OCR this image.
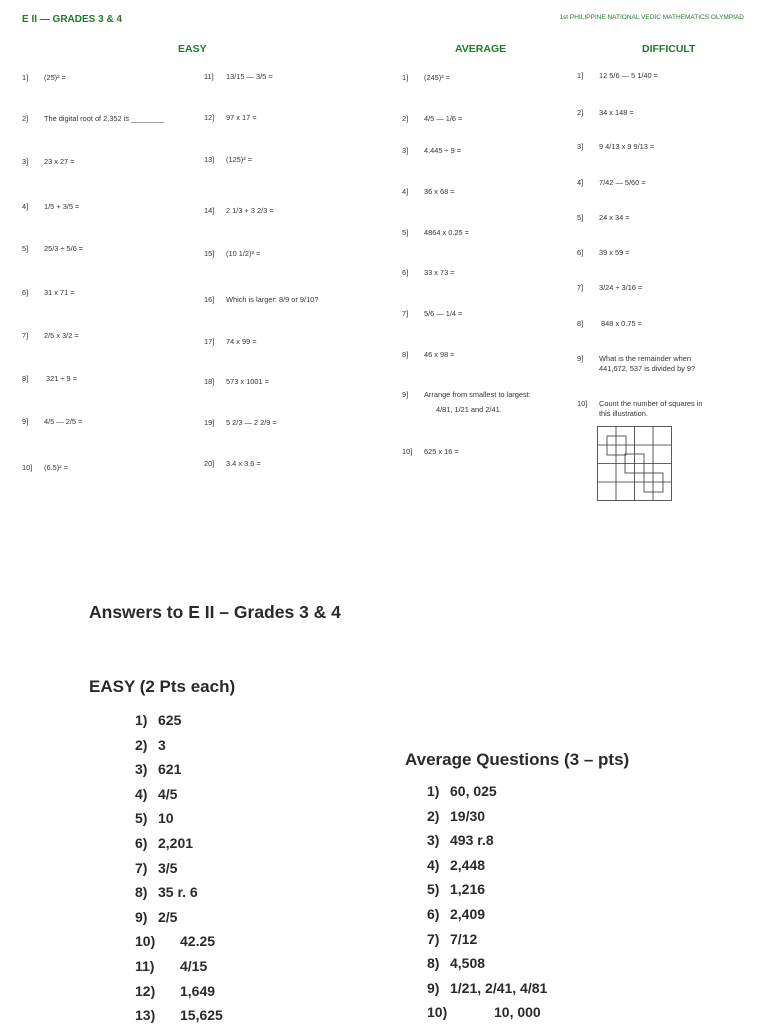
E II — GRADES 3 & 4	1st PHILIPPINE NATIONAL VEDIC MATHEMATICS OLYMPIAD
EASY	AVERAGE	DIFFICULT
1] (25)² =
2] The digital root of 2,352 is ________
3] 23 x 27 =
4] 1/5 + 3/5 =
5] 25/3 ÷ 5/6 =
6] 31 x 71 =
7] 2/5 x 3/2 =
8] 321 ÷ 9 =
9] 4/5 — 2/5 =
10] (6.5)² =
11] 13/15 — 3/5 =
12] 97 x 17 =
13] (125)² =
14] 2 1/3 + 3 2/3 =
15] (10 1/2)² =
16] Which is larger: 8/9 or 9/10?
17] 74 x 99 =
18] 573 x 1001 =
19] 5 2/3 — 2 2/9 =
20] 3.4 x 3.6 =
1] (245)² =
2] 4/5 — 1/6 =
3] 4,445 ÷ 9 =
4] 36 x 68 =
5] 4864 x 0.25 =
6] 33 x 73 =
7] 5/6 — 1/4 =
8] 46 x 98 =
9]	Arrange from smallest to largest:
4/81, 1/21 and 2/41.
10] 625 x 16 =
1] 12 5/6 — 5 1/40 =
2] 34 x 148 =
3] 9 4/13 x 9 9/13 =
4] 7/42 — 5/60 =
5] 24 x 34 =
6] 39 x 59 =
7] 3/24 ÷ 3/16 =
8] 848 x 0.75 =
9]	What is the remainder when
441,672, 537 is divided by 9?
10]	Count the number of squares in
this illustration.
Answers to E II – Grades 3 & 4
EASY (2 Pts each)
Average Questions (3 – pts)
1) 625
2) 3
3) 621
4) 4/5
5) 10
6) 2,201
7) 3/5
8) 35 r. 6
9) 2/5
10) 42.25
11) 4/15
12) 1,649
13) 15,625
1) 60, 025
2) 19/30
3) 493 r.8
4) 2,448
5) 1,216
6) 2,409
7) 7/12
8) 4,508
9) 1/21, 2/41, 4/81
10)	10, 000
